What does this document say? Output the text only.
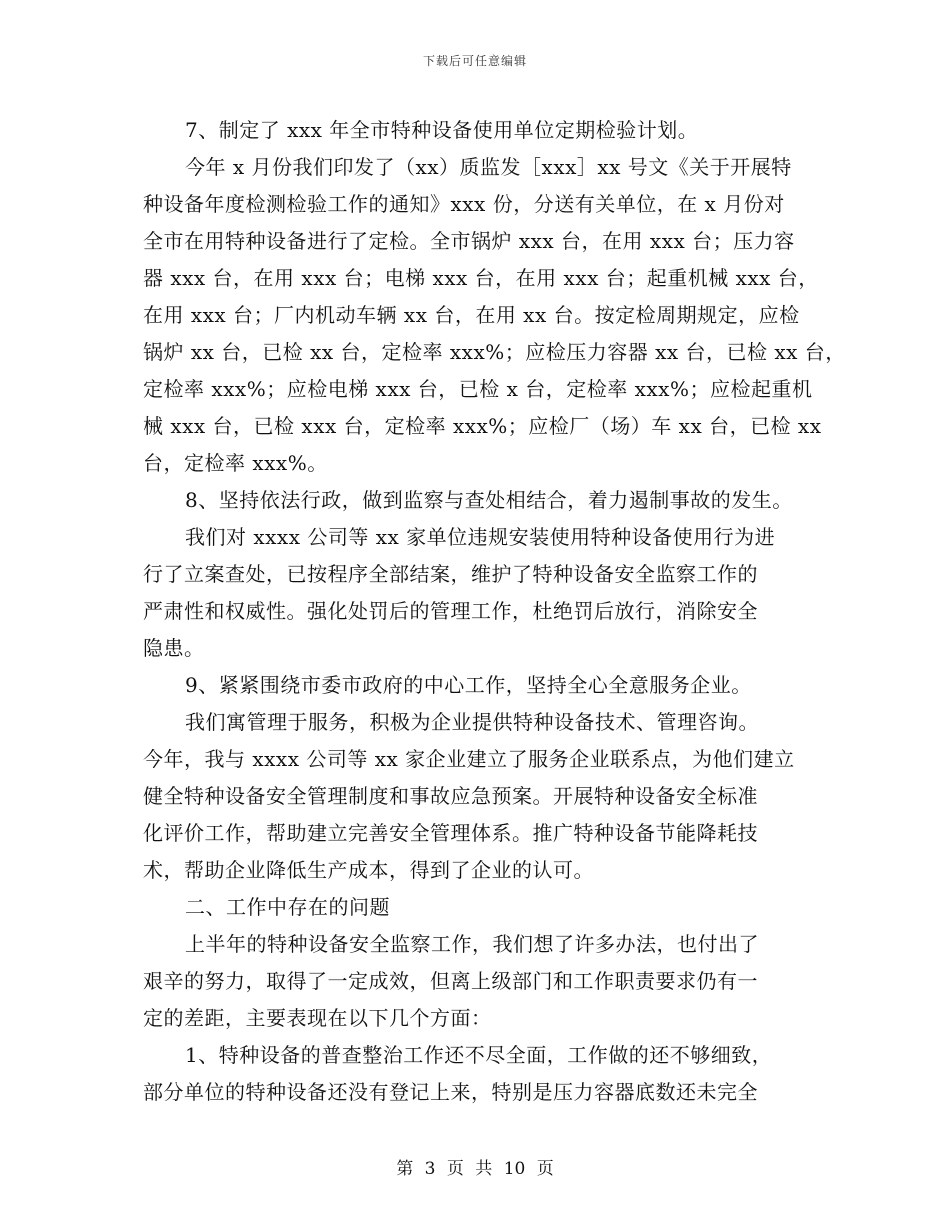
下载后可任意编辑
7、制定了 xxx 年全市特种设备使用单位定期检验计划。
今年 x 月份我们印发了（xx）质监发［xxx］xx 号文《关于开展特
种设备年度检测检验工作的通知》xxx 份，分送有关单位，在 x 月份对
全市在用特种设备进行了定检。全市锅炉 xxx 台，在用 xxx 台；压力容
器 xxx 台，在用 xxx 台；电梯 xxx 台，在用 xxx 台；起重机械 xxx 台，
在用 xxx 台；厂内机动车辆 xx 台，在用 xx 台。按定检周期规定，应检
锅炉 xx 台，已检 xx 台，定检率 xxx%；应检压力容器 xx 台，已检 xx 台，
定检率 xxx%；应检电梯 xxx 台，已检 x 台，定检率 xxx%；应检起重机
械 xxx 台，已检 xxx 台，定检率 xxx%；应检厂（场）车 xx 台，已检 xx
台，定检率 xxx%。
8、坚持依法行政，做到监察与查处相结合，着力遏制事故的发生。
我们对 xxxx 公司等 xx 家单位违规安装使用特种设备使用行为进
行了立案查处，已按程序全部结案，维护了特种设备安全监察工作的
严肃性和权威性。强化处罚后的管理工作，杜绝罚后放行，消除安全
隐患。
9、紧紧围绕市委市政府的中心工作，坚持全心全意服务企业。
我们寓管理于服务，积极为企业提供特种设备技术、管理咨询。
今年，我与 xxxx 公司等 xx 家企业建立了服务企业联系点，为他们建立
健全特种设备安全管理制度和事故应急预案。开展特种设备安全标准
化评价工作，帮助建立完善安全管理体系。推广特种设备节能降耗技
术，帮助企业降低生产成本，得到了企业的认可。
二、工作中存在的问题
上半年的特种设备安全监察工作，我们想了许多办法，也付出了
艰辛的努力，取得了一定成效，但离上级部门和工作职责要求仍有一
定的差距，主要表现在以下几个方面：
1、特种设备的普查整治工作还不尽全面，工作做的还不够细致，
部分单位的特种设备还没有登记上来，特别是压力容器底数还未完全
第 3 页 共 10 页
